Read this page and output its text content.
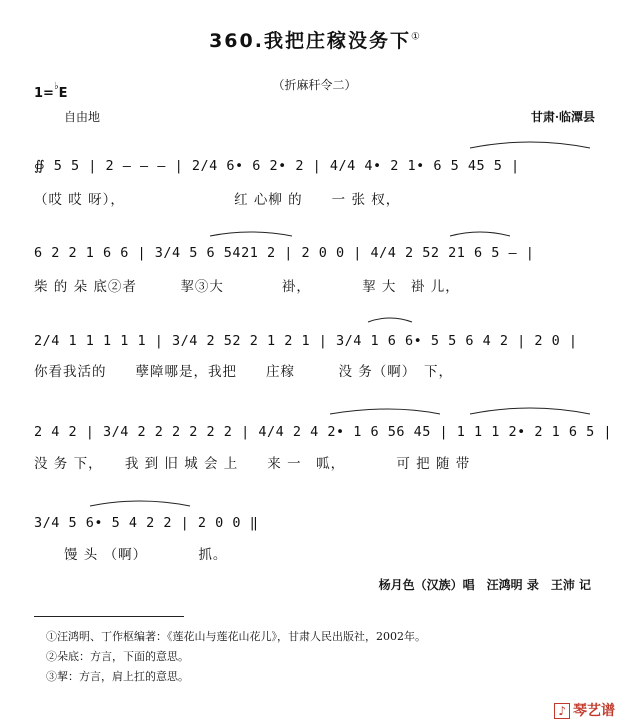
360.我把庄稼没务下①
（折麻秆令二）
1=♭E
自由地	甘肃·临潭县
∯ 5 5 | 2 – – – | 2/4 6• 6 2• 2 | 4/4 4• 2 1• 6 5 45 5 |
（哎 哎 呀），　　　　　　　　红 心柳 的　　一 张 杈，
6 2 2 1 6 6 | 3/4 5 6 5421 2 | 2 0 0 | 4/4 2 52 21 6 5 – |
柴 的 朵 底②者　　　挈③大　　　　褂，　　　　挈 大　褂 儿，
2/4 1 1 1 1 1 | 3/4 2 52 2 1 2 1 | 3/4 1 6 6• 5 5 6 4 2 | 2 0 |
你看我活的　　孽障哪是，我把　　庄稼　　　没 务（啊）　下，
2 4 2 | 3/4 2 2 2 2 2 2 | 4/4 2 4 2• 1 6 56 45 | 1 1 1 2• 2 1 6 5 |
没 务 下，　　我 到 旧 城 会 上　　来 一　呱，　　　　可 把 随 带
3/4 5 6• 5 4 2 2 | 2 0 0 ‖
馒 头 （啊）　　　　抓。
杨月色（汉族）唱　汪鸿明 录　王沛 记
①汪鸿明、丁作枢编著：《莲花山与莲花山花儿》，甘肃人民出版社，2002年。
②朵底：方言，下面的意思。
③挈：方言，肩上扛的意思。
♪ 琴艺谱
